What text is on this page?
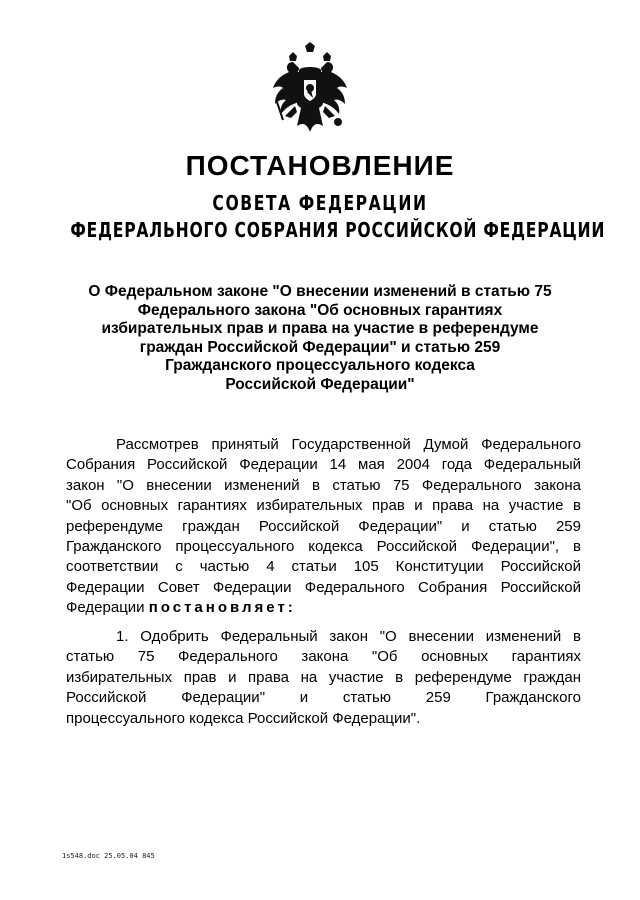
ПОСТАНОВЛЕНИЕ
СОВЕТА ФЕДЕРАЦИИ
ФЕДЕРАЛЬНОГО СОБРАНИЯ РОССИЙСКОЙ ФЕДЕРАЦИИ
О Федеральном законе "О внесении изменений в статью 75
Федерального закона "Об основных гарантиях
избирательных прав и права на участие в референдуме
граждан Российской Федерации" и статью 259
Гражданского процессуального кодекса
Российской Федерации"
Рассмотрев принятый Государственной Думой Федерального
Собрания Российской Федерации 14 мая 2004 года Федеральный
закон "О внесении изменений в статью 75 Федерального закона
"Об основных гарантиях избирательных прав и права на участие в
референдуме граждан Российской Федерации" и статью 259
Гражданского процессуального кодекса Российской Федерации", в
соответствии с частью 4 статьи 105 Конституции Российской
Федерации Совет Федерации Федерального Собрания Российской
Федерации постановляет:
1. Одобрить Федеральный закон "О внесении изменений в
статью 75 Федерального закона "Об основных гарантиях
избирательных прав и права на участие в референдуме граждан
Российской Федерации" и статью 259 Гражданского
процессуального кодекса Российской Федерации".
1s548.doc 25.05.04 845
